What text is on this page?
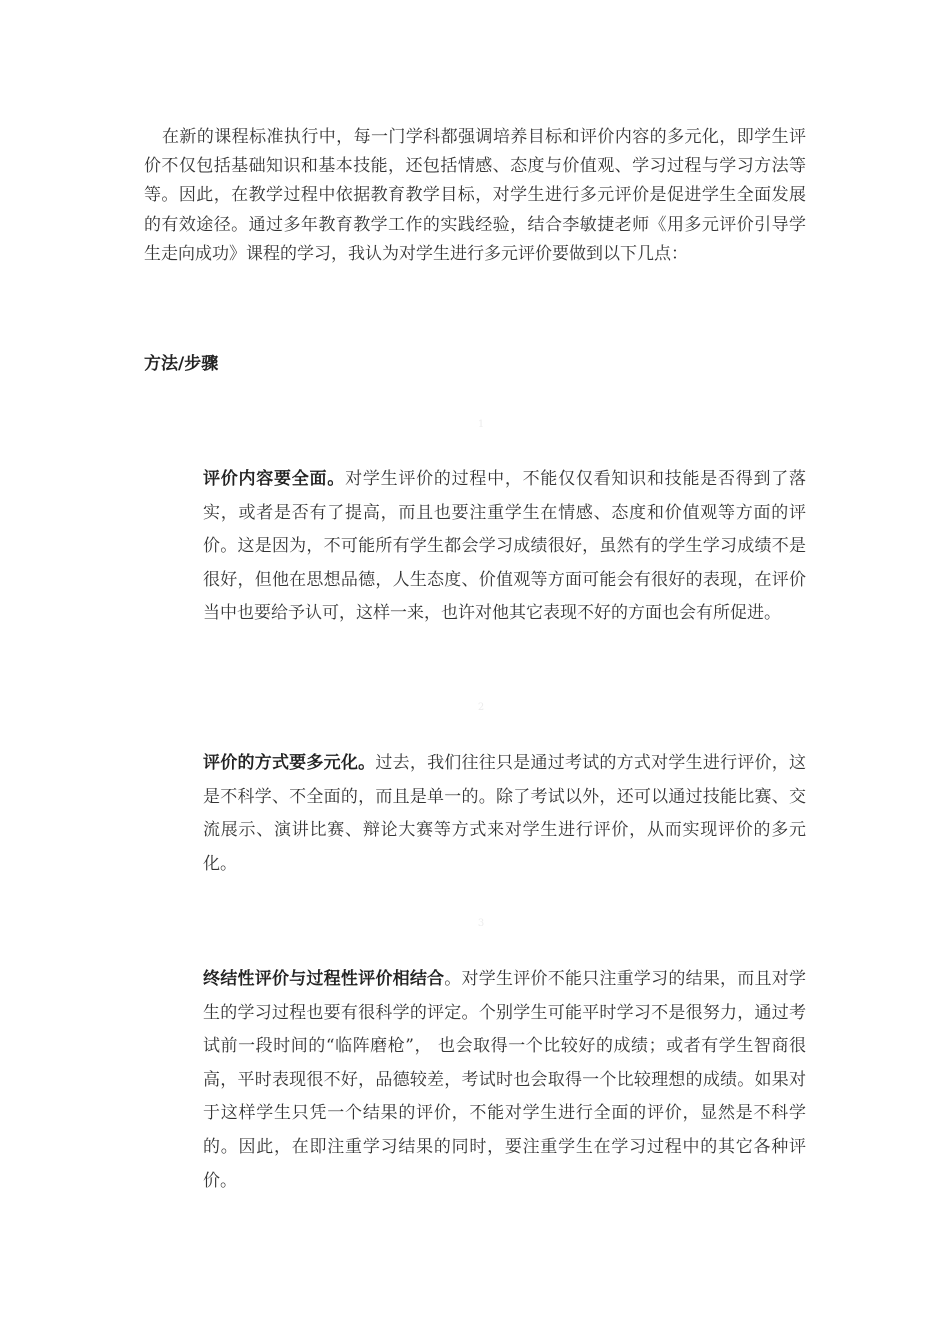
在新的课程标准执行中，每一门学科都强调培养目标和评价内容的多元化，即学生评价不仅包括基础知识和基本技能，还包括情感、态度与价值观、学习过程与学习方法等等。因此，在教学过程中依据教育教学目标，对学生进行多元评价是促进学生全面发展的有效途径。通过多年教育教学工作的实践经验，结合李敏捷老师《用多元评价引导学生走向成功》课程的学习，我认为对学生进行多元评价要做到以下几点：

方法/步骤
1

评价内容要全面。对学生评价的过程中，不能仅仅看知识和技能是否得到了落实，或者是否有了提高，而且也要注重学生在情感、态度和价值观等方面的评价。这是因为，不可能所有学生都会学习成绩很好，虽然有的学生学习成绩不是很好，但他在思想品德，人生态度、价值观等方面可能会有很好的表现，在评价当中也要给予认可，这样一来，也许对他其它表现不好的方面也会有所促进。

2

评价的方式要多元化。过去，我们往往只是通过考试的方式对学生进行评价，这是不科学、不全面的，而且是单一的。除了考试以外，还可以通过技能比赛、交流展示、演讲比赛、辩论大赛等方式来对学生进行评价，从而实现评价的多元化。

3

终结性评价与过程性评价相结合。对学生评价不能只注重学习的结果，而且对学生的学习过程也要有很科学的评定。个别学生可能平时学习不是很努力，通过考试前一段时间的“临阵磨枪”， 也会取得一个比较好的成绩；或者有学生智商很高，平时表现很不好，品德较差，考试时也会取得一个比较理想的成绩。如果对于这样学生只凭一个结果的评价，不能对学生进行全面的评价，显然是不科学的。因此，在即注重学习结果的同时，要注重学生在学习过程中的其它各种评价。
